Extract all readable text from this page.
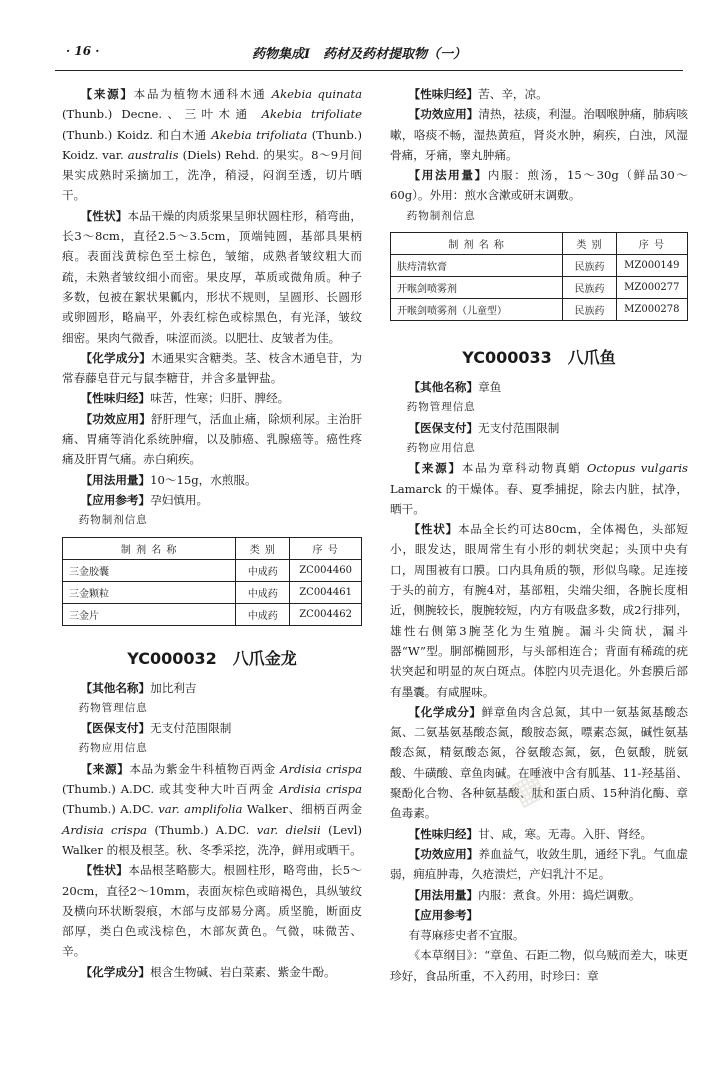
· 16 ·	药物集成Ⅰ　药材及药材提取物（一）

【来源】本品为植物木通科木通 Akebia quinata (Thunb.) Decne.、三叶木通 Akebia trifoliate (Thunb.) Koidz. 和白木通 Akebia trifoliata (Thunb.) Koidz. var. australis (Diels) Rehd. 的果实。8～9月间果实成熟时采摘加工，洗净，稍浸，闷润至透，切片晒干。

【性状】本品干燥的肉质浆果呈卵状圆柱形，稍弯曲，长3～8cm，直径2.5～3.5cm，顶端钝圆，基部具果柄痕。表面浅黄棕色至土棕色，皱缩，成熟者皱纹粗大而疏，未熟者皱纹细小而密。果皮厚，革质或微角质。种子多数，包被在絮状果瓤内，形状不规则，呈圆形、长圆形或卵圆形，略扁平，外表红棕色或棕黑色，有光泽，皱纹细密。果肉气微香，味涩而淡。以肥壮、皮皱者为佳。

【化学成分】木通果实含糖类。茎、枝含木通皂苷，为常春藤皂苷元与鼠李糖苷，并含多量钾盐。

【性味归经】味苦，性寒；归肝、脾经。

【功效应用】舒肝理气，活血止痛，除烦利尿。主治肝痛、胃痛等消化系统肿瘤，以及肺癌、乳腺癌等。癌性疼痛及肝胃气痛。赤白痢疾。

【用法用量】10～15g，水煎服。

【应用参考】孕妇慎用。

药物制剂信息
制 剂 名 称	类 别	序 号
三金胶囊	中成药	ZC004460
三金颗粒	中成药	ZC004461
三金片	中成药	ZC004462
YC000032　八爪金龙

【其他名称】加比利吉

药物管理信息

【医保支付】无支付范围限制

药物应用信息

【来源】本品为紫金牛科植物百两金 Ardisia crispa (Thumb.) A.DC. 或其变种大叶百两金 Ardisia crispa (Thumb.) A.DC. var. amplifolia Walker、细柄百两金 Ardisia crispa (Thumb.) A.DC. var. dielsii (Levl) Walker 的根及根茎。秋、冬季采挖，洗净，鲜用或晒干。

【性状】本品根茎略膨大。根圆柱形，略弯曲，长5～20cm，直径2～10mm，表面灰棕色或暗褐色，具纵皱纹及横向环状断裂痕，木部与皮部易分离。质坚脆，断面皮部厚，类白色或浅棕色，木部灰黄色。气微，味微苦、辛。

【化学成分】根含生物碱、岩白菜素、紫金牛酚。

【性味归经】苦、辛，凉。

【功效应用】清热，祛痰，利湿。治咽喉肿痛，肺病咳嗽，咯痰不畅，湿热黄疸，肾炎水肿，痢疾，白浊，风湿骨痛，牙痛，睾丸肿痛。

【用法用量】内服：煎汤，15～30g（鲜品30～60g）。外用：煎水含漱或研末调敷。

药物制剂信息
制 剂 名 称	类 别	序 号
肤痔清软膏	民族药	MZ000149
开喉剑喷雾剂	民族药	MZ000277
开喉剑喷雾剂（儿童型）	民族药	MZ000278
YC000033　八爪鱼

【其他名称】章鱼

药物管理信息

【医保支付】无支付范围限制

药物应用信息

【来源】本品为章科动物真蛸 Octopus vulgaris Lamarck 的干燥体。春、夏季捕捉，除去内脏，拭净，晒干。

【性状】本品全长约可达80cm，全体褐色，头部短小，眼发达，眼周常生有小形的刺状突起；头顶中央有口，周围被有口膜。口内具角质的颚，形似鸟喙。足连接于头的前方，有腕4对，基部粗，尖端尖细，各腕长度相近，侧腕较长，腹腕较短，内方有吸盘多数，成2行排列，雄性右侧第3腕茎化为生殖腕。漏斗尖筒状，漏斗器“W”型。胴部椭圆形，与头部相连合；背面有稀疏的疣状突起和明显的灰白斑点。体腔内贝壳退化。外套膜后部有墨囊。有咸腥味。

【化学成分】鲜章鱼肉含总氮，其中一氨基氮基酸态氮、二氨基氨基酸态氮，酸胺态氮，嘌素态氮，碱性氨基酸态氮，精氨酸态氮，谷氨酸态氮，氨，色氨酸，胱氨酸、牛磺酸、章鱼肉碱。在唾液中含有胍基、11-羟基甾、聚酚化合物、各种氨基酸、肽和蛋白质、15种消化酶、章鱼毒素。

【性味归经】甘、咸，寒。无毒。入肝、肾经。

【功效应用】养血益气，收敛生肌，通经下乳。气血虚弱，痈疽肿毒，久疮溃烂，产妇乳汁不足。

【用法用量】内服：煮食。外用：捣烂调敷。

【应用参考】

有荨麻疹史者不宜服。

《本草纲目》：“章鱼、石距二物，似乌贼而差大，味更珍好，食品所重，不入药用，时珍曰：章

▦
